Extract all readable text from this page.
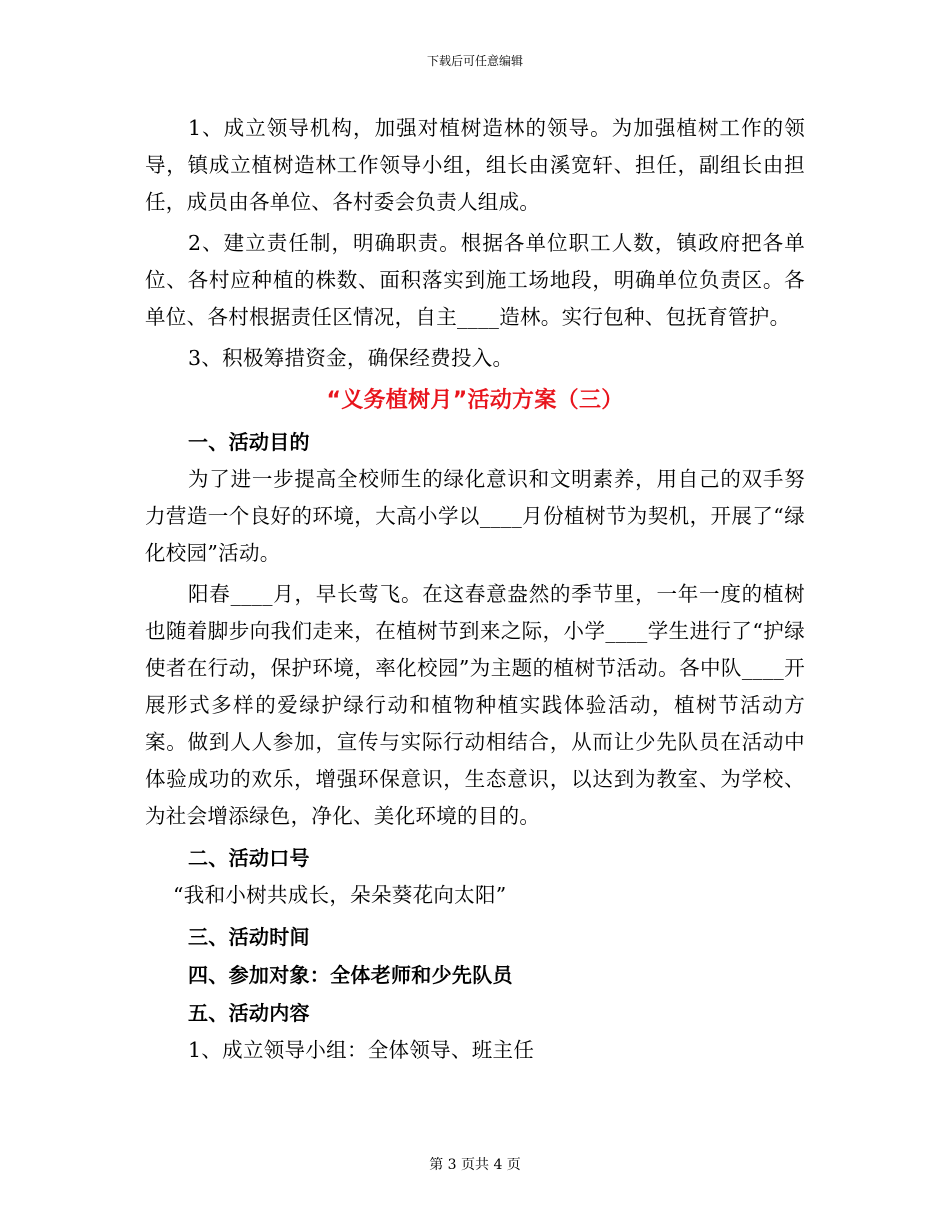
下载后可任意编辑

1、成立领导机构，加强对植树造林的领导。为加强植树工作的领导，镇成立植树造林工作领导小组，组长由溪宽轩、担任，副组长由担任，成员由各单位、各村委会负责人组成。

2、建立责任制，明确职责。根据各单位职工人数，镇政府把各单位、各村应种植的株数、面积落实到施工场地段，明确单位负责区。各单位、各村根据责任区情况，自主____造林。实行包种、包抚育管护。

3、积极筹措资金，确保经费投入。

“义务植树月”活动方案（三）

一、活动目的

为了进一步提高全校师生的绿化意识和文明素养，用自己的双手努力营造一个良好的环境，大高小学以____月份植树节为契机，开展了“绿化校园”活动。

阳春____月，早长莺飞。在这春意盎然的季节里，一年一度的植树也随着脚步向我们走来，在植树节到来之际，小学____学生进行了“护绿使者在行动，保护环境，率化校园”为主题的植树节活动。各中队____开展形式多样的爱绿护绿行动和植物种植实践体验活动，植树节活动方案。做到人人参加，宣传与实际行动相结合，从而让少先队员在活动中体验成功的欢乐，增强环保意识，生态意识，以达到为教室、为学校、为社会增添绿色，净化、美化环境的目的。

二、活动口号

“我和小树共成长，朵朵葵花向太阳”

三、活动时间

四、参加对象：全体老师和少先队员

五、活动内容

1、成立领导小组：全体领导、班主任

第 3 页共 4 页
